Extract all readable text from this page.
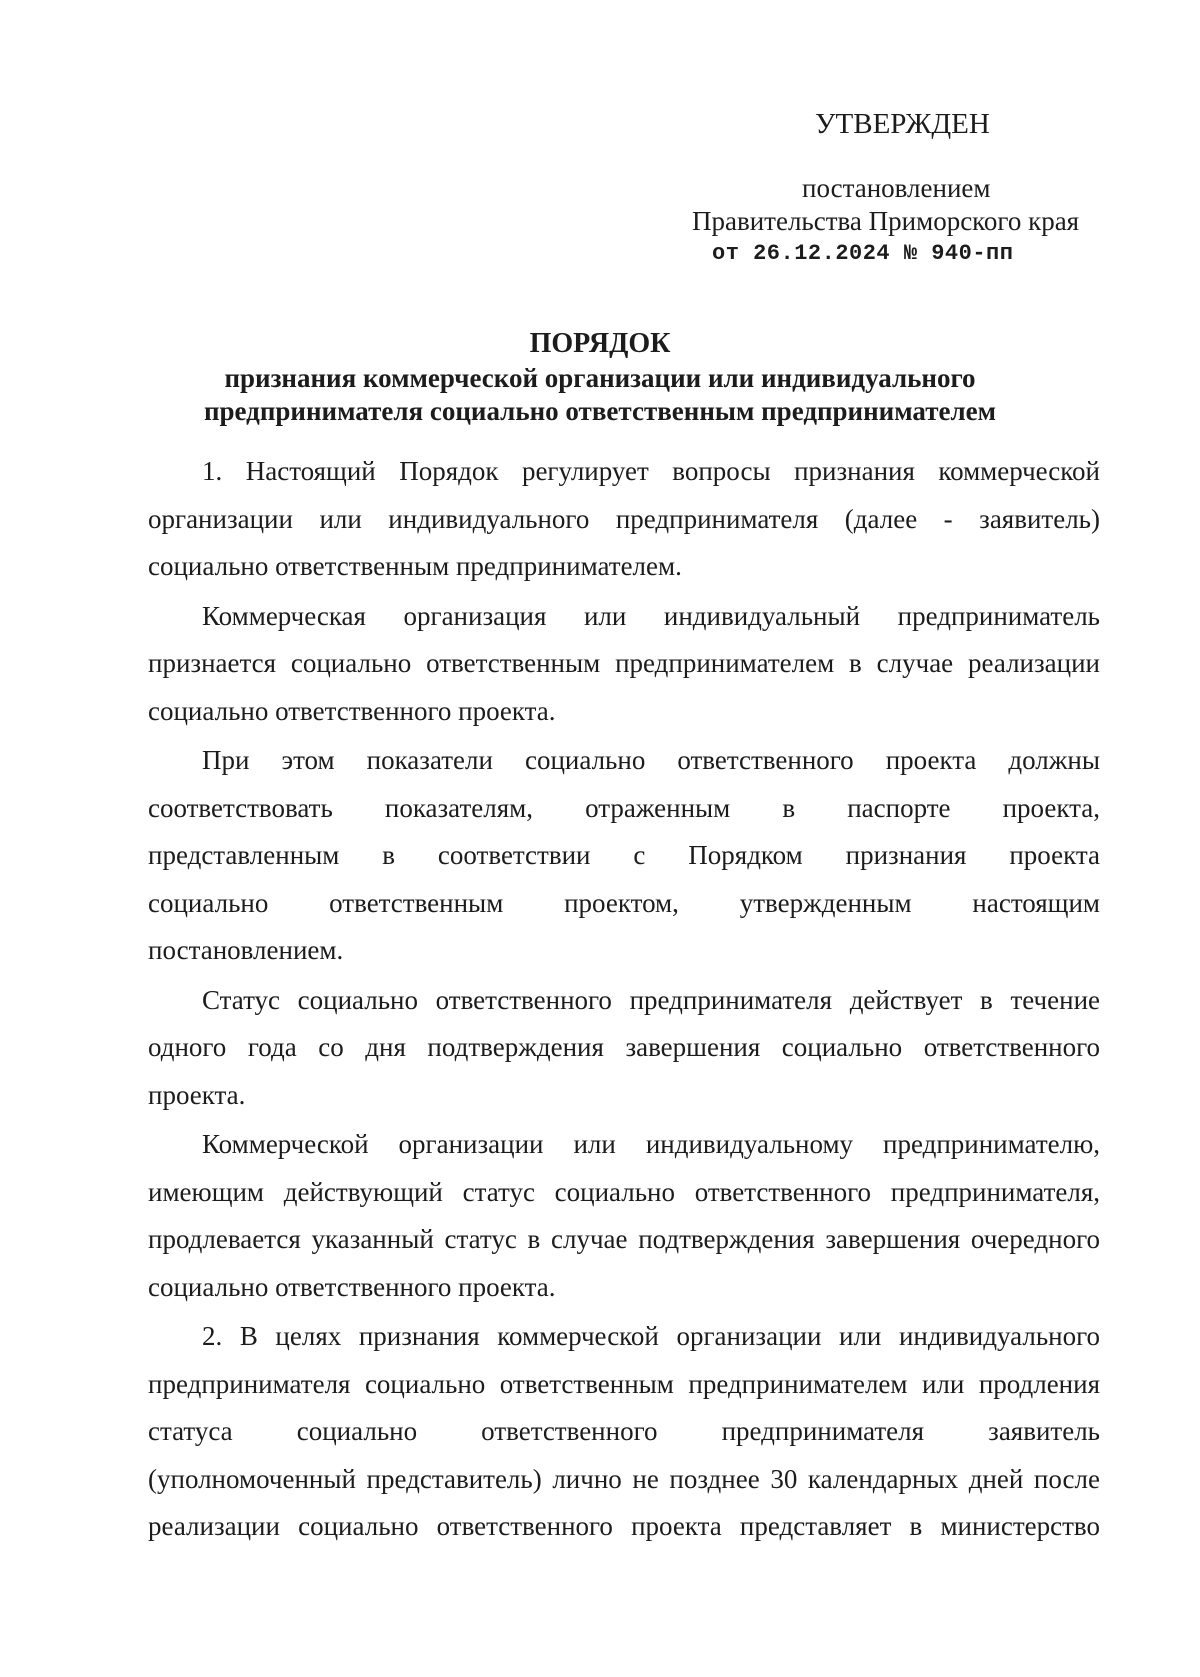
УТВЕРЖДЕН
постановлением
Правительства Приморского края
от 26.12.2024 № 940-пп
ПОРЯДОК
признания коммерческой организации или индивидуального
предпринимателя социально ответственным предпринимателем
1. Настоящий Порядок регулирует вопросы признания коммерческой
организации или индивидуального предпринимателя (далее - заявитель)
социально ответственным предпринимателем.
Коммерческая организация или индивидуальный предприниматель
признается социально ответственным предпринимателем в случае реализации
социально ответственного проекта.
При этом показатели социально ответственного проекта должны
соответствовать показателям, отраженным в паспорте проекта,
представленным в соответствии с Порядком признания проекта
социально ответственным проектом, утвержденным настоящим
постановлением.
Статус социально ответственного предпринимателя действует в течение
одного года со дня подтверждения завершения социально ответственного
проекта.
Коммерческой организации или индивидуальному предпринимателю,
имеющим действующий статус социально ответственного предпринимателя,
продлевается указанный статус в случае подтверждения завершения очередного
социально ответственного проекта.
2. В целях признания коммерческой организации или индивидуального
предпринимателя социально ответственным предпринимателем или продления
статуса социально ответственного предпринимателя заявитель
(уполномоченный представитель) лично не позднее 30 календарных дней после
реализации социально ответственного проекта представляет в министерство
